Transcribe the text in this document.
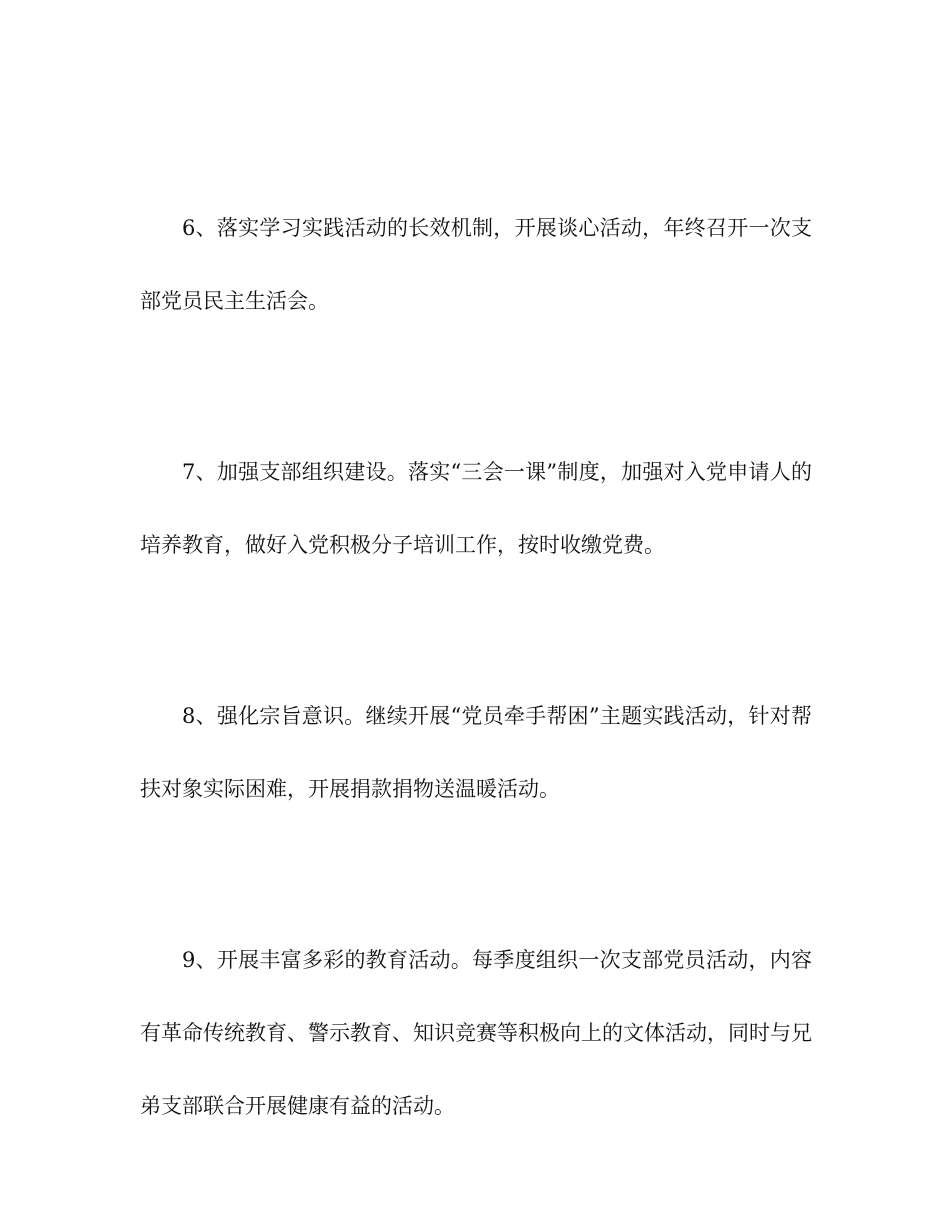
6、落实学习实践活动的长效机制，开展谈心活动，年终召开一次支部党员民主生活会。

7、加强支部组织建设。落实“三会一课”制度，加强对入党申请人的培养教育，做好入党积极分子培训工作，按时收缴党费。

8、强化宗旨意识。继续开展“党员牵手帮困”主题实践活动，针对帮扶对象实际困难，开展捐款捐物送温暖活动。

9、开展丰富多彩的教育活动。每季度组织一次支部党员活动，内容有革命传统教育、警示教育、知识竞赛等积极向上的文体活动，同时与兄弟支部联合开展健康有益的活动。
